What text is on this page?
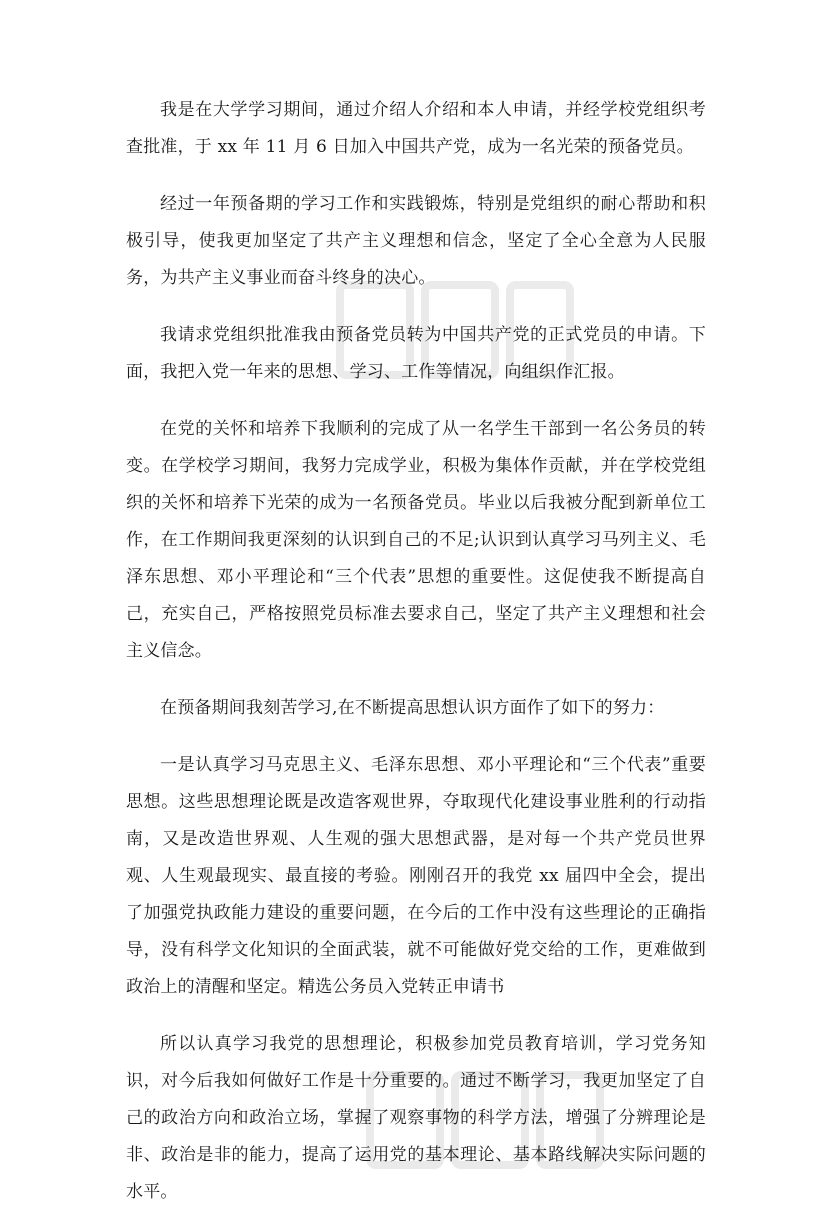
我是在大学学习期间，通过介绍人介绍和本人申请，并经学校党组织考查批准，于 xx 年 11 月 6 日加入中国共产党，成为一名光荣的预备党员。

经过一年预备期的学习工作和实践锻炼，特别是党组织的耐心帮助和积极引导，使我更加坚定了共产主义理想和信念，坚定了全心全意为人民服务，为共产主义事业而奋斗终身的决心。

我请求党组织批准我由预备党员转为中国共产党的正式党员的申请。下面，我把入党一年来的思想、学习、工作等情况，向组织作汇报。

在党的关怀和培养下我顺利的完成了从一名学生干部到一名公务员的转变。在学校学习期间，我努力完成学业，积极为集体作贡献，并在学校党组织的关怀和培养下光荣的成为一名预备党员。毕业以后我被分配到新单位工作，在工作期间我更深刻的认识到自己的不足;认识到认真学习马列主义、毛泽东思想、邓小平理论和“三个代表”思想的重要性。这促使我不断提高自己，充实自己，严格按照党员标准去要求自己，坚定了共产主义理想和社会主义信念。

在预备期间我刻苦学习,在不断提高思想认识方面作了如下的努力：

一是认真学习马克思主义、毛泽东思想、邓小平理论和“三个代表”重要思想。这些思想理论既是改造客观世界，夺取现代化建设事业胜利的行动指南，又是改造世界观、人生观的强大思想武器，是对每一个共产党员世界观、人生观最现实、最直接的考验。刚刚召开的我党 xx 届四中全会，提出了加强党执政能力建设的重要问题，在今后的工作中没有这些理论的正确指导，没有科学文化知识的全面武装，就不可能做好党交给的工作，更难做到政治上的清醒和坚定。精选公务员入党转正申请书

所以认真学习我党的思想理论，积极参加党员教育培训，学习党务知识，对今后我如何做好工作是十分重要的。通过不断学习，我更加坚定了自己的政治方向和政治立场，掌握了观察事物的科学方法，增强了分辨理论是非、政治是非的能力，提高了运用党的基本理论、基本路线解决实际问题的水平。
